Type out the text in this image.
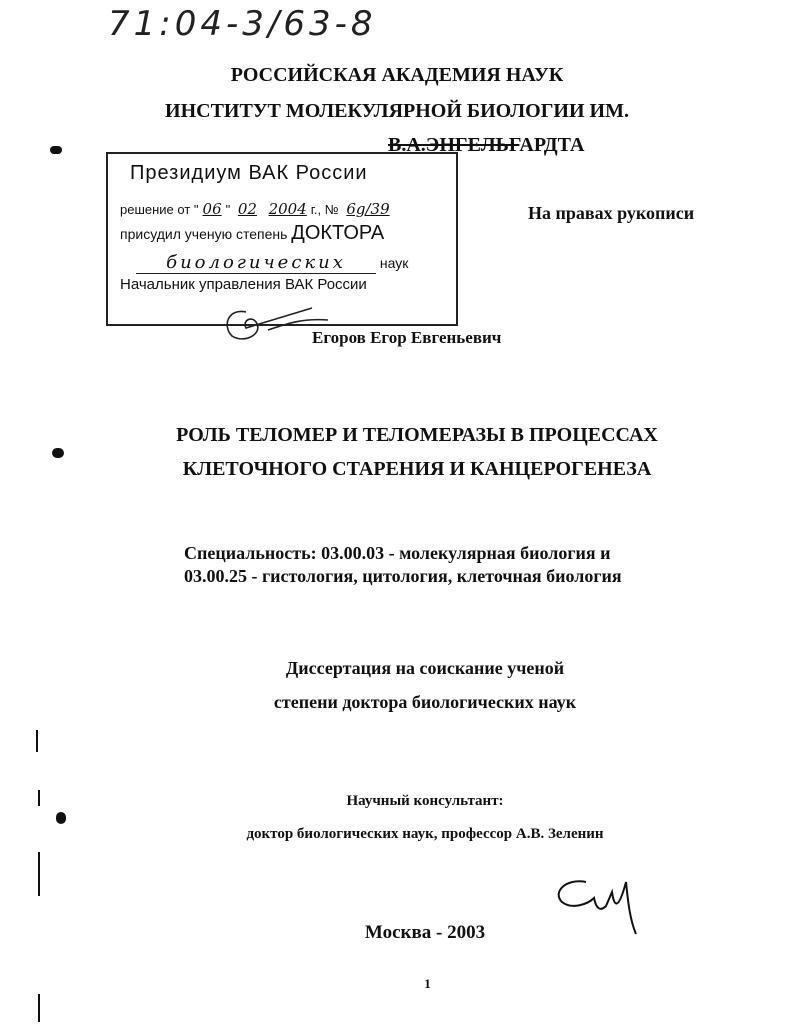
71:04-3/63-8
РОССИЙСКАЯ АКАДЕМИЯ НАУК
ИНСТИТУТ МОЛЕКУЛЯРНОЙ БИОЛОГИИ ИМ.
В.А.ЭНГЕЛЬГАРДТА
Президиум ВАК России
решение от " 06 " 02 2004 г., № 6g/39
присудил ученую степень ДОКТОРА
биологических наук
Начальник управления ВАК России
На правах рукописи
Егоров Егор Евгеньевич
РОЛЬ ТЕЛОМЕР И ТЕЛОМЕРАЗЫ В ПРОЦЕССАХ
КЛЕТОЧНОГО СТАРЕНИЯ И КАНЦЕРОГЕНЕЗА
Специальность: 03.00.03 - молекулярная биология и
03.00.25 - гистология, цитология, клеточная биология
Диссертация на соискание ученой
степени доктора биологических наук
Научный консультант:
доктор биологических наук, профессор А.В. Зеленин
Москва - 2003
1
